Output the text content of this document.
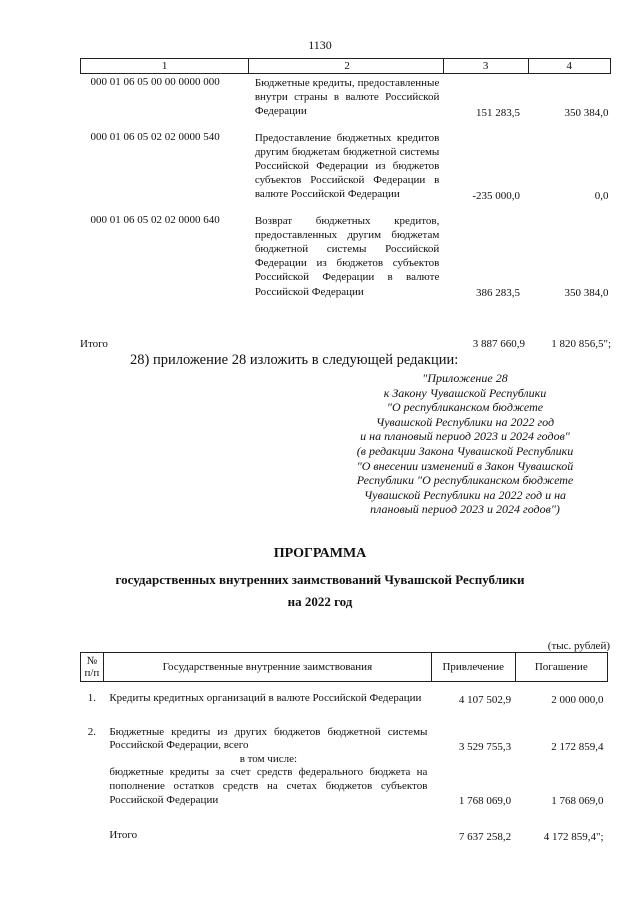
1130
1	2	3	4
000 01 06 05 00 00 0000 000	Бюджетные кредиты, предоставленные внутри страны в валюте Российской Федерации	151 283,5	350 384,0

000 01 06 05 02 02 0000 540	Предоставление бюджетных кредитов другим бюджетам бюджетной системы Российской Федерации из бюджетов субъектов Российской Федерации в валюте Российской Федерации	-235 000,0	0,0

000 01 06 05 02 02 0000 640	Возврат бюджетных кредитов, предоставленных другим бюджетам бюджетной системы Российской Федерации из бюджетов субъектов Российской Федерации в валюте Российской Федерации	386 283,5	350 384,0
Итого	3 887 660,9 1 820 856,5";
28) приложение 28 изложить в следующей редакции:
"Приложение 28
к Закону Чувашской Республики
"О республиканском бюджете
Чувашской Республики на 2022 год
и на плановый период 2023 и 2024 годов"
(в редакции Закона Чувашской Республики
"О внесении изменений в Закон Чувашской
Республики "О республиканском бюджете
Чувашской Республики на 2022 год и на
плановый период 2023 и 2024 годов")
ПРОГРАММА
государственных внутренних заимствований Чувашской Республики
на 2022 год
(тыс. рублей)
№ п/п	Государственные внутренние заимствования	Привлечение	Погашение

1.	Кредиты кредитных организаций в валюте Российской Федерации	4 107 502,9	2 000 000,0

2.	Бюджетные кредиты из других бюджетов бюджетной системы Российской Федерации, всего	3 529 755,3	2 172 859,4

	в том числе:		

	бюджетные кредиты за счет средств федерального бюджета на пополнение остатков средств на счетах бюджетов субъектов Российской Федерации	1 768 069,0	1 768 069,0

	Итого	7 637 258,2	4 172 859,4";
